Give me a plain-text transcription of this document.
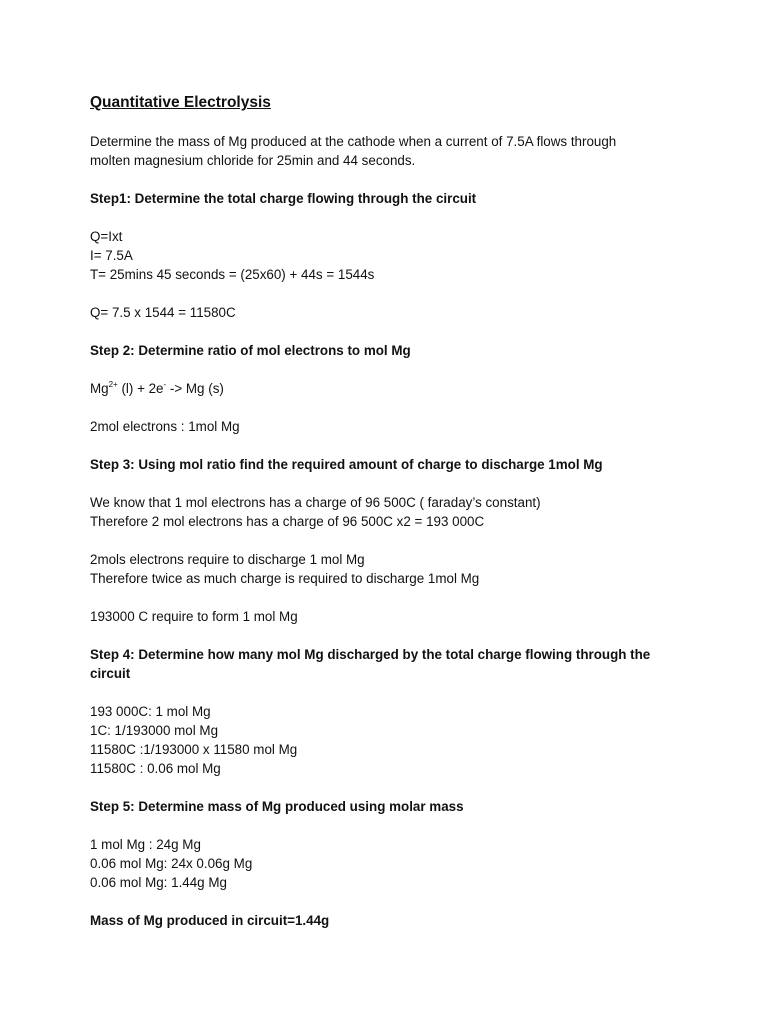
Quantitative Electrolysis
Determine the mass of Mg produced at the cathode when a current of 7.5A flows through
molten magnesium chloride for 25min and 44 seconds.
Step1: Determine the total charge flowing through the circuit
Q=Ixt
I= 7.5A
T= 25mins 45 seconds = (25x60) + 44s = 1544s
Q= 7.5 x 1544 = 11580C
Step 2: Determine ratio of mol electrons to mol Mg
$Mg^{2+}$ (l) + 2e- -> Mg (s)
2mol electrons : 1mol Mg
Step 3: Using mol ratio find the required amount of charge to discharge 1mol Mg
We know that 1 mol electrons has a charge of 96 500C ( faraday’s constant)
Therefore 2 mol electrons has a charge of 96 500C x2 = 193 000C
2mols electrons require to discharge 1 mol Mg
Therefore twice as much charge is required to discharge 1mol Mg
193000 C require to form 1 mol Mg
Step 4: Determine how many mol Mg discharged by the total charge flowing through the circuit
193 000C: 1 mol Mg
1C: 1/193000 mol Mg
11580C :1/193000 x 11580 mol Mg
11580C : 0.06 mol Mg
Step 5: Determine mass of Mg produced using molar mass
1 mol Mg : 24g Mg
0.06 mol Mg: 24x 0.06g Mg
0.06 mol Mg: 1.44g Mg
Mass of Mg produced in circuit=1.44g
